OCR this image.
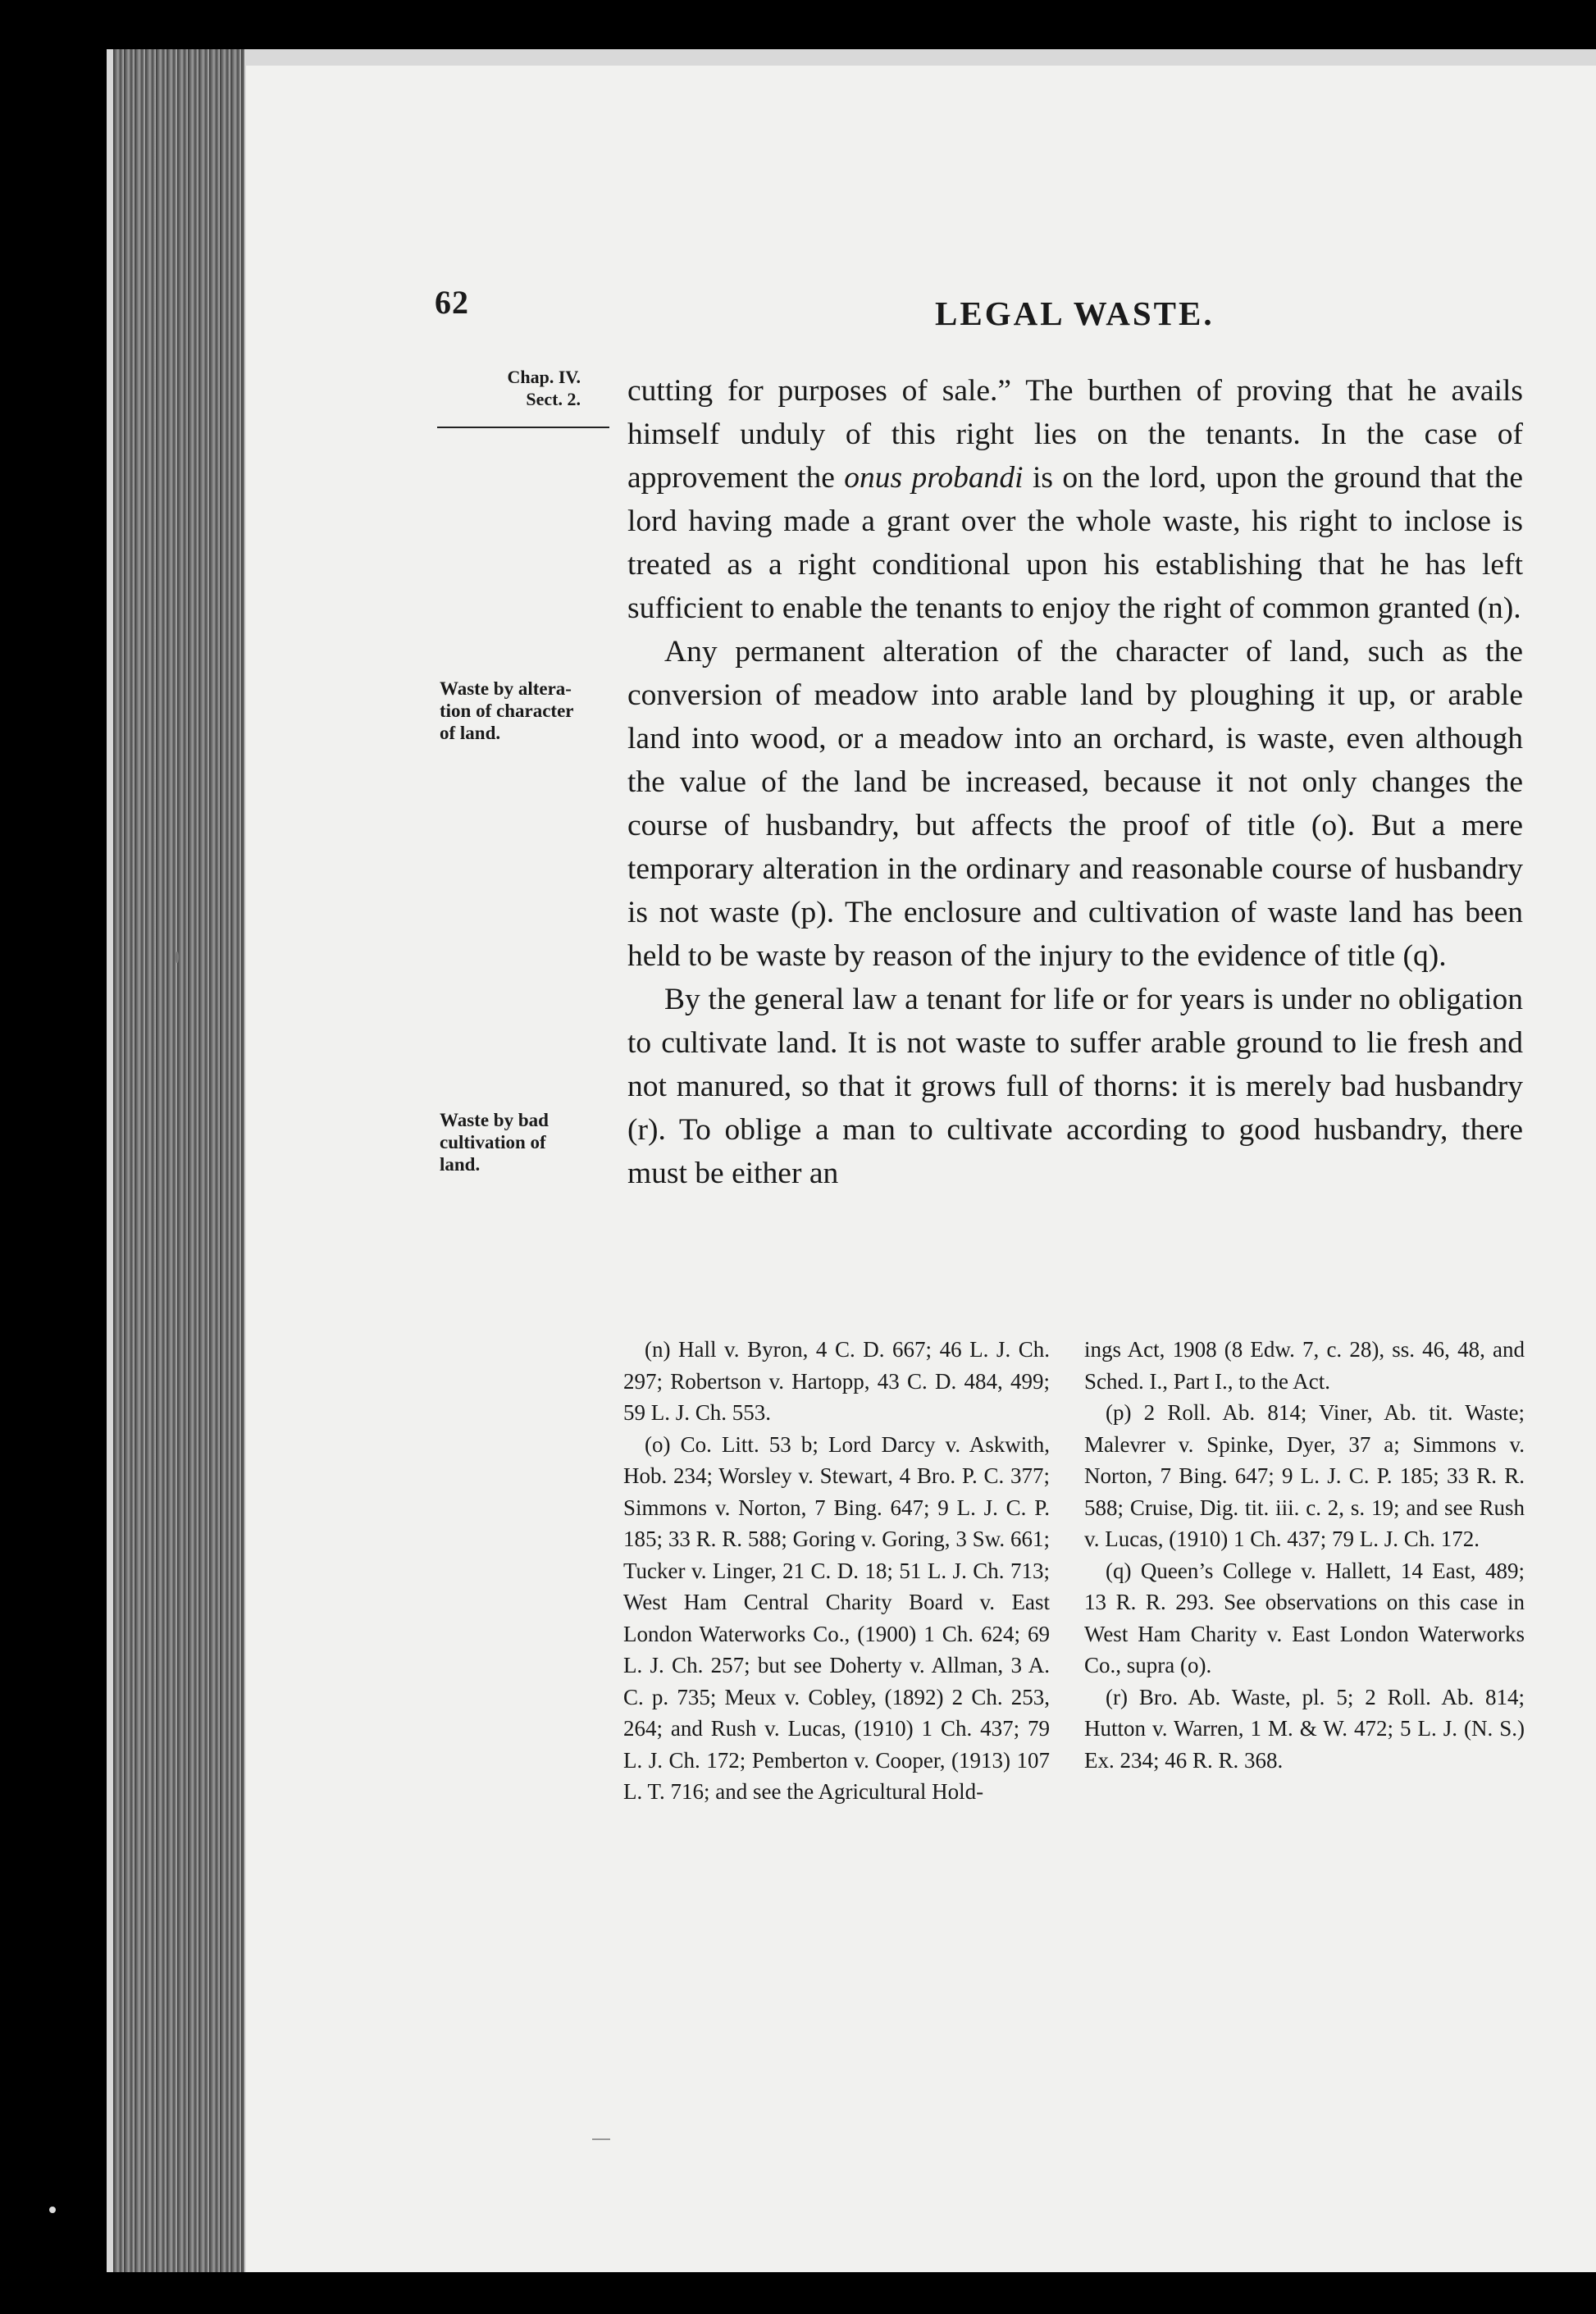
62	LEGAL WASTE.
Chap. IV.
Sect. 2.
Waste by altera-
tion of character
of land.
Waste by bad
cultivation of
land.

cutting for purposes of sale.” The burthen of proving that he avails himself unduly of this right lies on the tenants. In the case of approvement the onus probandi is on the lord, upon the ground that the lord having made a grant over the whole waste, his right to inclose is treated as a right conditional upon his establishing that he has left sufficient to enable the tenants to enjoy the right of common granted (n).

Any permanent alteration of the character of land, such as the conversion of meadow into arable land by ploughing it up, or arable land into wood, or a meadow into an orchard, is waste, even although the value of the land be increased, because it not only changes the course of husbandry, but affects the proof of title (o). But a mere temporary alteration in the ordinary and reasonable course of husbandry is not waste (p). The enclosure and cultivation of waste land has been held to be waste by reason of the injury to the evidence of title (q).

By the general law a tenant for life or for years is under no obligation to cultivate land. It is not waste to suffer arable ground to lie fresh and not manured, so that it grows full of thorns: it is merely bad husbandry (r). To oblige a man to cultivate according to good husbandry, there must be either an

(n) Hall v. Byron, 4 C. D. 667; 46 L. J. Ch. 297; Robertson v. Hartopp, 43 C. D. 484, 499; 59 L. J. Ch. 553.

(o) Co. Litt. 53 b; Lord Darcy v. Askwith, Hob. 234; Worsley v. Stewart, 4 Bro. P. C. 377; Simmons v. Norton, 7 Bing. 647; 9 L. J. C. P. 185; 33 R. R. 588; Goring v. Goring, 3 Sw. 661; Tucker v. Linger, 21 C. D. 18; 51 L. J. Ch. 713; West Ham Central Charity Board v. East London Waterworks Co., (1900) 1 Ch. 624; 69 L. J. Ch. 257; but see Doherty v. Allman, 3 A. C. p. 735; Meux v. Cobley, (1892) 2 Ch. 253, 264; and Rush v. Lucas, (1910) 1 Ch. 437; 79 L. J. Ch. 172; Pemberton v. Cooper, (1913) 107 L. T. 716; and see the Agricultural Hold-

ings Act, 1908 (8 Edw. 7, c. 28), ss. 46, 48, and Sched. I., Part I., to the Act.

(p) 2 Roll. Ab. 814; Viner, Ab. tit. Waste; Malevrer v. Spinke, Dyer, 37 a; Simmons v. Norton, 7 Bing. 647; 9 L. J. C. P. 185; 33 R. R. 588; Cruise, Dig. tit. iii. c. 2, s. 19; and see Rush v. Lucas, (1910) 1 Ch. 437; 79 L. J. Ch. 172.

(q) Queen’s College v. Hallett, 14 East, 489; 13 R. R. 293. See observations on this case in West Ham Charity v. East London Waterworks Co., supra (o).

(r) Bro. Ab. Waste, pl. 5; 2 Roll. Ab. 814; Hutton v. Warren, 1 M. & W. 472; 5 L. J. (N. S.) Ex. 234; 46 R. R. 368.
